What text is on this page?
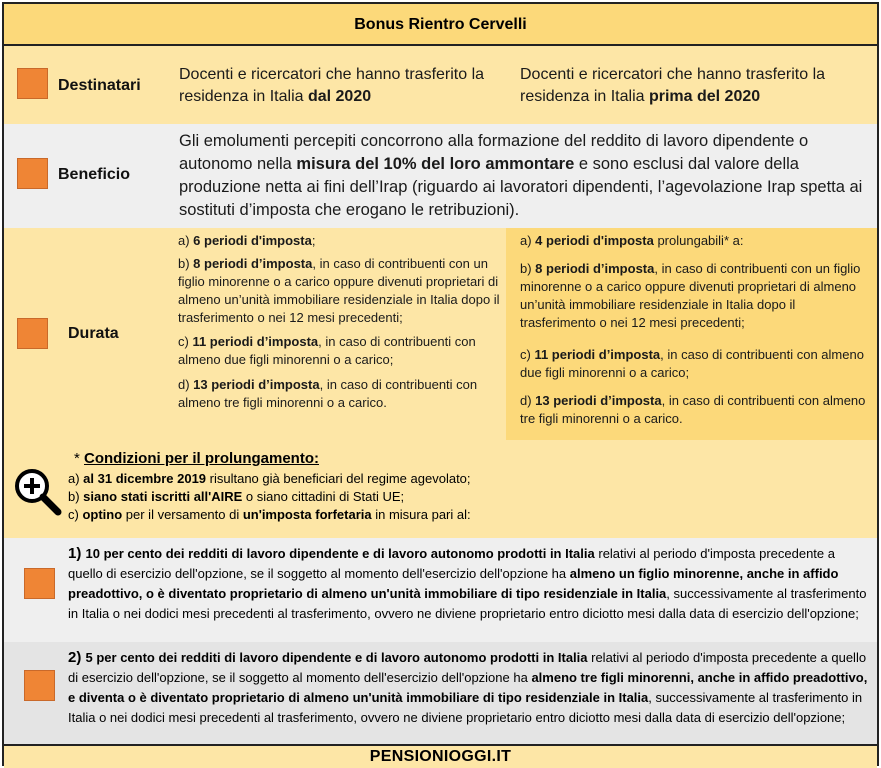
Bonus Rientro Cervelli
Destinatari
Docenti e ricercatori che hanno trasferito la residenza in Italia dal 2020
Docenti e ricercatori che hanno trasferito la residenza in Italia prima del 2020
Beneficio
Gli emolumenti percepiti concorrono alla formazione del reddito di lavoro dipendente o autonomo nella misura del 10% del loro ammontare e sono esclusi dal valore della produzione netta ai fini dell’Irap (riguardo ai lavoratori dipendenti, l’agevolazione Irap spetta ai sostituti d’imposta che erogano le retribuzioni).
Durata

a) 6 periodi d'imposta;

b) 8 periodi d’imposta, in caso di contribuenti con un figlio minorenne o a carico oppure divenuti proprietari di almeno un’unità immobiliare residenziale in Italia dopo il trasferimento o nei 12 mesi precedenti;

c) 11 periodi d’imposta, in caso di contribuenti con almeno due figli minorenni o a carico;

d) 13 periodi d’imposta, in caso di contribuenti con almeno tre figli minorenni o a carico.

a) 4 periodi d'imposta prolungabili* a:

b) 8 periodi d’imposta, in caso di contribuenti con un figlio minorenne o a carico oppure divenuti proprietari di almeno un’unità immobiliare residenziale in Italia dopo il trasferimento o nei 12 mesi precedenti;

c) 11 periodi d’imposta, in caso di contribuenti con almeno due figli minorenni o a carico;

d) 13 periodi d’imposta, in caso di contribuenti con almeno tre figli minorenni o a carico.

* Condizioni per il prolungamento:
a) al 31 dicembre 2019 risultano già beneficiari del regime agevolato;
b) siano stati iscritti all'AIRE o siano cittadini di Stati UE;
c) optino per il versamento di un'imposta forfetaria in misura pari al:
1) 10 per cento dei redditi di lavoro dipendente e di lavoro autonomo prodotti in Italia relativi al periodo d'imposta precedente a quello di esercizio dell'opzione, se il soggetto al momento dell'esercizio dell'opzione ha almeno un figlio minorenne, anche in affido preadottivo, o è diventato proprietario di almeno un'unità immobiliare di tipo residenziale in Italia, successivamente al trasferimento in Italia o nei dodici mesi precedenti al trasferimento, ovvero ne diviene proprietario entro diciotto mesi dalla data di esercizio dell'opzione;
2) 5 per cento dei redditi di lavoro dipendente e di lavoro autonomo prodotti in Italia relativi al periodo d'imposta precedente a quello di esercizio dell'opzione, se il soggetto al momento dell'esercizio dell'opzione ha almeno tre figli minorenni, anche in affido preadottivo, e diventa o è diventato proprietario di almeno un'unità immobiliare di tipo residenziale in Italia, successivamente al trasferimento in Italia o nei dodici mesi precedenti al trasferimento, ovvero ne diviene proprietario entro diciotto mesi dalla data di esercizio dell'opzione;
PENSIONIOGGI.IT
